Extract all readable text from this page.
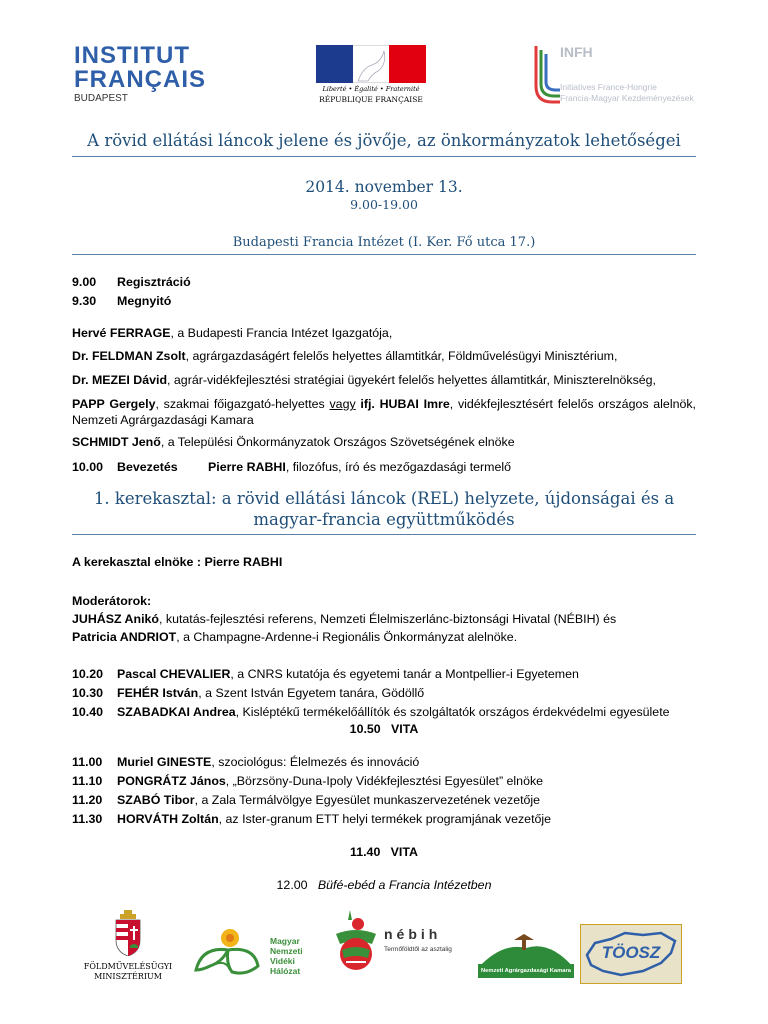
INSTITUT
FRANÇAIS
BUDAPEST
Liberté • Égalité • Fraternité
RÉPUBLIQUE FRANÇAISE
INFH
Initiatives France-Hongrie
Francia-Magyar Kezdeményezések
A rövid ellátási láncok jelene és jövője, az önkormányzatok lehetőségei
2014. november 13.
9.00-19.00
Budapesti Francia Intézet (I. Ker. Fő utca 17.)
9.00 Regisztráció
9.30 Megnyitó
Hervé FERRAGE, a Budapesti Francia Intézet Igazgatója,
Dr. FELDMAN Zsolt, agrárgazdaságért felelős helyettes államtitkár, Földművelésügyi Minisztérium,
Dr. MEZEI Dávid, agrár-vidékfejlesztési stratégiai ügyekért felelős helyettes államtitkár, Miniszterelnökség,
PAPP Gergely, szakmai főigazgató-helyettes vagy ifj. HUBAI Imre, vidékfejlesztésért felelős országos alelnök, Nemzeti Agrárgazdasági Kamara
SCHMIDT Jenő, a Települési Önkormányzatok Országos Szövetségének elnöke
10.00 Bevezetés Pierre RABHI, filozófus, író és mezőgazdasági termelő
1. kerekasztal: a rövid ellátási láncok (REL) helyzete, újdonságai és a magyar-francia együttműködés
A kerekasztal elnöke : Pierre RABHI
Moderátorok:
JUHÁSZ Anikó, kutatás-fejlesztési referens, Nemzeti Élelmiszerlánc-biztonsági Hivatal (NÉBIH) és
Patricia ANDRIOT, a Champagne-Ardenne-i Regionális Önkormányzat alelnöke.
10.20 Pascal CHEVALIER, a CNRS kutatója és egyetemi tanár a Montpellier-i Egyetemen
10.30 FEHÉR István, a Szent István Egyetem tanára, Gödöllő
10.40 SZABADKAI Andrea, Kisléptékű termékelőállítók és szolgáltatók országos érdekvédelmi egyesülete
10.50   VITA
11.00 Muriel GINESTE, szociológus: Élelmezés és innováció
11.10 PONGRÁTZ János, „Börzsöny-Duna-Ipoly Vidékfejlesztési Egyesület” elnöke
11.20 SZABÓ Tibor, a Zala Termálvölgye Egyesület munkaszervezetének vezetője
11.30 HORVÁTH Zoltán, az Ister-granum ETT helyi termékek programjának vezetője
11.40   VITA
12.00 Büfé-ebéd a Francia Intézetben
FÖLDMŰVELÉSÜGYI
MINISZTÉRIUM
Magyar
Nemzeti
Vidéki
Hálózat
nébih
Termőföldtől az asztalig
Nemzeti Agrárgazdasági Kamara
TÖOSZ
